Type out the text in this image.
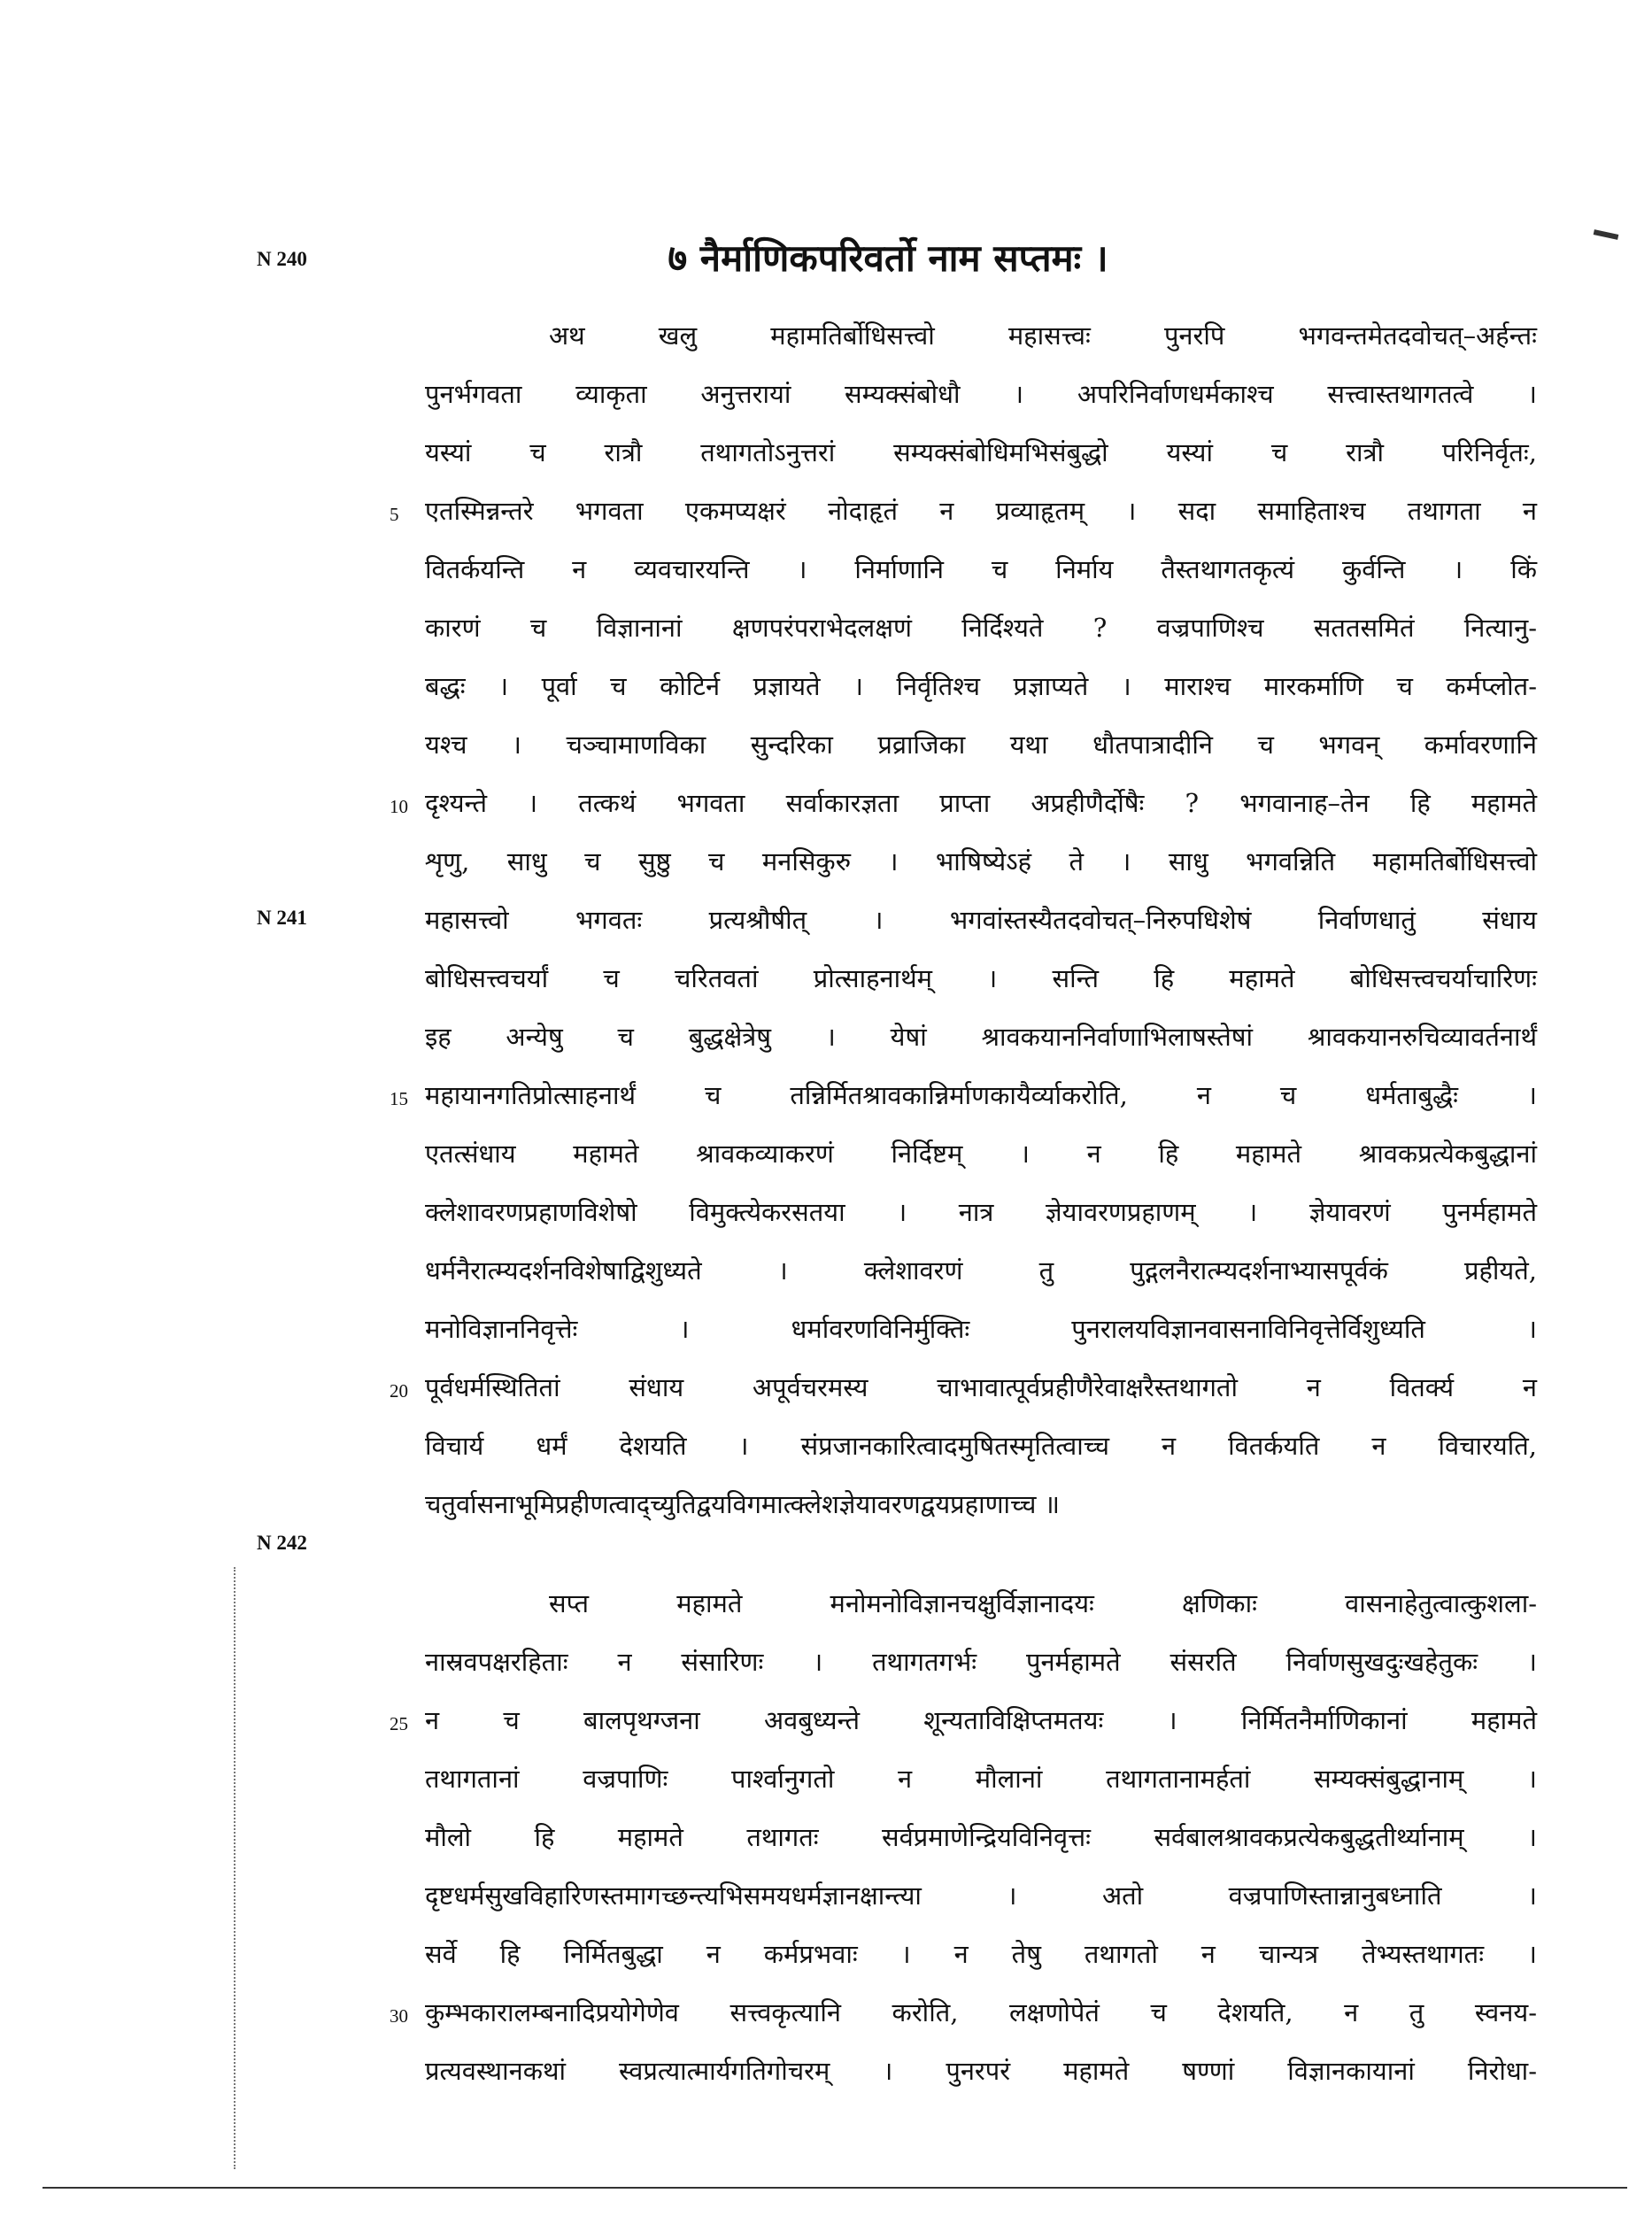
N 240
N 241
N 242
७ नैर्माणिकपरिवर्तो नाम सप्तमः ।
अथ खलु महामतिर्बोधिसत्त्वो महासत्त्वः पुनरपि भगवन्तमेतदवोचत्–अर्हन्तः
पुनर्भगवता व्याकृता अनुत्तरायां सम्यक्संबोधौ । अपरिनिर्वाणधर्मकाश्च सत्त्वास्तथागतत्वे ।
यस्यां च रात्रौ तथागतोऽनुत्तरां सम्यक्संबोधिमभिसंबुद्धो यस्यां च रात्रौ परिनिर्वृतः,
एतस्मिन्नन्तरे भगवता एकमप्यक्षरं नोदाहृतं न प्रव्याहृतम् । सदा समाहिताश्च तथागता न
5
वितर्कयन्ति न व्यवचारयन्ति । निर्माणानि च निर्माय तैस्तथागतकृत्यं कुर्वन्ति । किं
कारणं च विज्ञानानां क्षणपरंपराभेदलक्षणं निर्दिश्यते ? वज्रपाणिश्च सततसमितं नित्यानु-
बद्धः । पूर्वा च कोटिर्न प्रज्ञायते । निर्वृतिश्च प्रज्ञाप्यते । माराश्च मारकर्माणि च कर्मप्लोत-
यश्च । चञ्चामाणविका सुन्दरिका प्रव्राजिका यथा धौतपात्रादीनि च भगवन् कर्मावरणानि
दृश्यन्ते । तत्कथं भगवता सर्वाकारज्ञता प्राप्ता अप्रहीणैर्दोषैः ? भगवानाह–तेन हि महामते
10
शृणु, साधु च सुष्ठु च मनसिकुरु । भाषिष्येऽहं ते । साधु भगवन्निति महामतिर्बोधिसत्त्वो
महासत्त्वो भगवतः प्रत्यश्रौषीत् । भगवांस्तस्यैतदवोचत्–निरुपधिशेषं निर्वाणधातुं संधाय
बोधिसत्त्वचर्यां च चरितवतां प्रोत्साहनार्थम् । सन्ति हि महामते बोधिसत्त्वचर्याचारिणः
इह अन्येषु च बुद्धक्षेत्रेषु । येषां श्रावकयाननिर्वाणाभिलाषस्तेषां श्रावकयानरुचिव्यावर्तनार्थं
महायानगतिप्रोत्साहनार्थं च तन्निर्मितश्रावकान्निर्माणकायैर्व्याकरोति, न च धर्मताबुद्धैः ।
15
एतत्संधाय महामते श्रावकव्याकरणं निर्दिष्टम् । न हि महामते श्रावकप्रत्येकबुद्धानां
क्लेशावरणप्रहाणविशेषो विमुक्त्येकरसतया । नात्र ज्ञेयावरणप्रहाणम् । ज्ञेयावरणं पुनर्महामते
धर्मनैरात्म्यदर्शनविशेषाद्विशुध्यते । क्लेशावरणं तु पुद्गलनैरात्म्यदर्शनाभ्यासपूर्वकं प्रहीयते,
मनोविज्ञाननिवृत्तेः । धर्मावरणविनिर्मुक्तिः पुनरालयविज्ञानवासनाविनिवृत्तेर्विशुध्यति ।
पूर्वधर्मस्थितितां संधाय अपूर्वचरमस्य चाभावात्पूर्वप्रहीणैरेवाक्षरैस्तथागतो न वितर्क्य न
20
विचार्य धर्मं देशयति । संप्रजानकारित्वादमुषितस्मृतित्वाच्च न वितर्कयति न विचारयति,
चतुर्वासनाभूमिप्रहीणत्वाद्च्युतिद्वयविगमात्क्लेशज्ञेयावरणद्वयप्रहाणाच्च ॥
सप्त महामते मनोमनोविज्ञानचक्षुर्विज्ञानादयः क्षणिकाः वासनाहेतुत्वात्कुशला-
नास्रवपक्षरहिताः न संसारिणः । तथागतगर्भः पुनर्महामते संसरति निर्वाणसुखदुःखहेतुकः ।
न च बालपृथग्जना अवबुध्यन्ते शून्यताविक्षिप्तमतयः । निर्मितनैर्माणिकानां महामते
25
तथागतानां वज्रपाणिः पार्श्वानुगतो न मौलानां तथागतानामर्हतां सम्यक्संबुद्धानाम् ।
मौलो हि महामते तथागतः सर्वप्रमाणेन्द्रियविनिवृत्तः सर्वबालश्रावकप्रत्येकबुद्धतीर्थ्यानाम् ।
दृष्टधर्मसुखविहारिणस्तमागच्छन्त्यभिसमयधर्मज्ञानक्षान्त्या । अतो वज्रपाणिस्तान्नानुबध्नाति ।
सर्वे हि निर्मितबुद्धा न कर्मप्रभवाः । न तेषु तथागतो न चान्यत्र तेभ्यस्तथागतः ।
कुम्भकारालम्बनादिप्रयोगेणेव सत्त्वकृत्यानि करोति, लक्षणोपेतं च देशयति, न तु स्वनय-
30
प्रत्यवस्थानकथां स्वप्रत्यात्मार्यगतिगोचरम् । पुनरपरं महामते षण्णां विज्ञानकायानां निरोधा-
